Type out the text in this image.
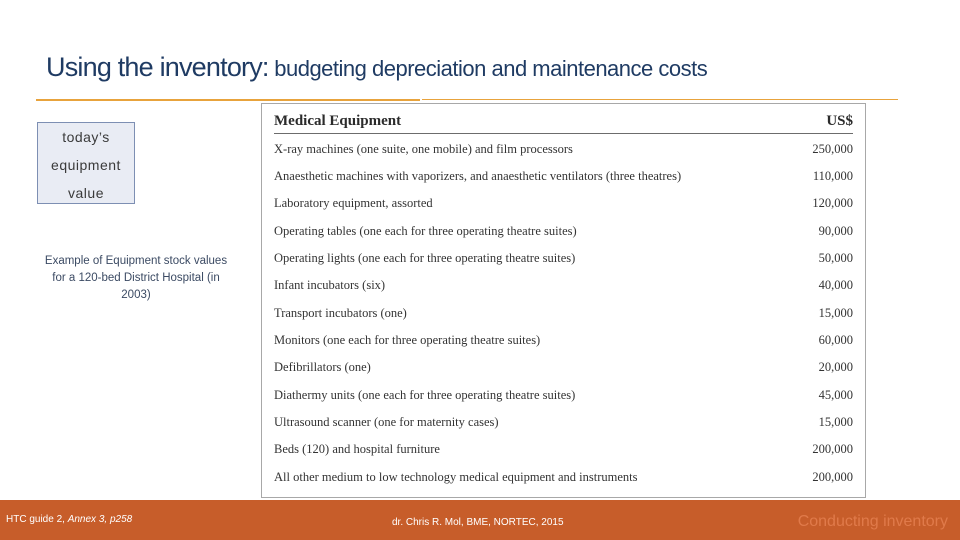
Using the inventory: budgeting depreciation and maintenance costs
today’s
equipment
value
Example of Equipment stock values for a 120-bed District Hospital (in 2003)
Medical Equipment	US$
X-ray machines (one suite, one mobile) and film processors	250,000
Anaesthetic machines with vaporizers, and anaesthetic ventilators (three theatres)	110,000
Laboratory equipment, assorted	120,000
Operating tables (one each for three operating theatre suites)	90,000
Operating lights (one each for three operating theatre suites)	50,000
Infant incubators (six)	40,000
Transport incubators (one)	15,000
Monitors (one each for three operating theatre suites)	60,000
Defibrillators (one)	20,000
Diathermy units (one each for three operating theatre suites)	45,000
Ultrasound scanner (one for maternity cases)	15,000
Beds (120) and hospital furniture	200,000
All other medium to low technology medical equipment and instruments	200,000
HTC guide 2, Annex 3, p258	dr. Chris R. Mol, BME, NORTEC, 2015	Conducting inventory
